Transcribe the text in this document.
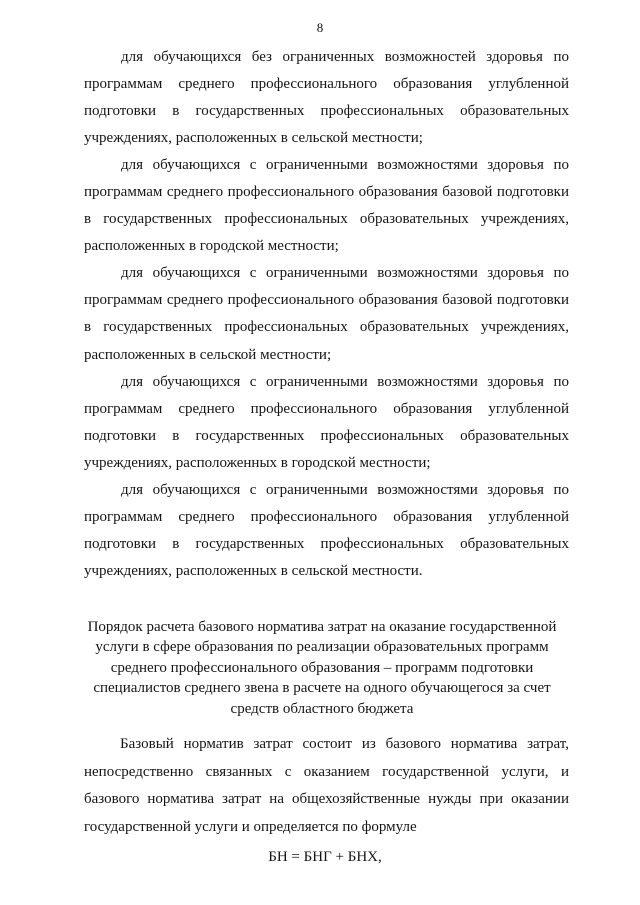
8
для обучающихся без ограниченных возможностей здоровья по
программам среднего профессионального образования углубленной
подготовки в государственных профессиональных образовательных
учреждениях, расположенных в сельской местности;
для обучающихся с ограниченными возможностями здоровья по
программам среднего профессионального образования базовой подготовки
в государственных профессиональных образовательных учреждениях,
расположенных в городской местности;
для обучающихся с ограниченными возможностями здоровья по
программам среднего профессионального образования базовой подготовки
в государственных профессиональных образовательных учреждениях,
расположенных в сельской местности;
для обучающихся с ограниченными возможностями здоровья по
программам среднего профессионального образования углубленной
подготовки в государственных профессиональных образовательных
учреждениях, расположенных в городской местности;
для обучающихся с ограниченными возможностями здоровья по
программам среднего профессионального образования углубленной
подготовки в государственных профессиональных образовательных
учреждениях, расположенных в сельской местности.
Порядок расчета базового норматива затрат на оказание государственной
услуги в сфере образования по реализации образовательных программ
среднего профессионального образования – программ подготовки
специалистов среднего звена в расчете на одного обучающегося за счет
средств областного бюджета
Базовый норматив затрат состоит из базового норматива затрат,
непосредственно связанных с оказанием государственной услуги, и
базового норматива затрат на общехозяйственные нужды при оказании
государственной услуги и определяется по формуле
БН = БНГ + БНХ,
